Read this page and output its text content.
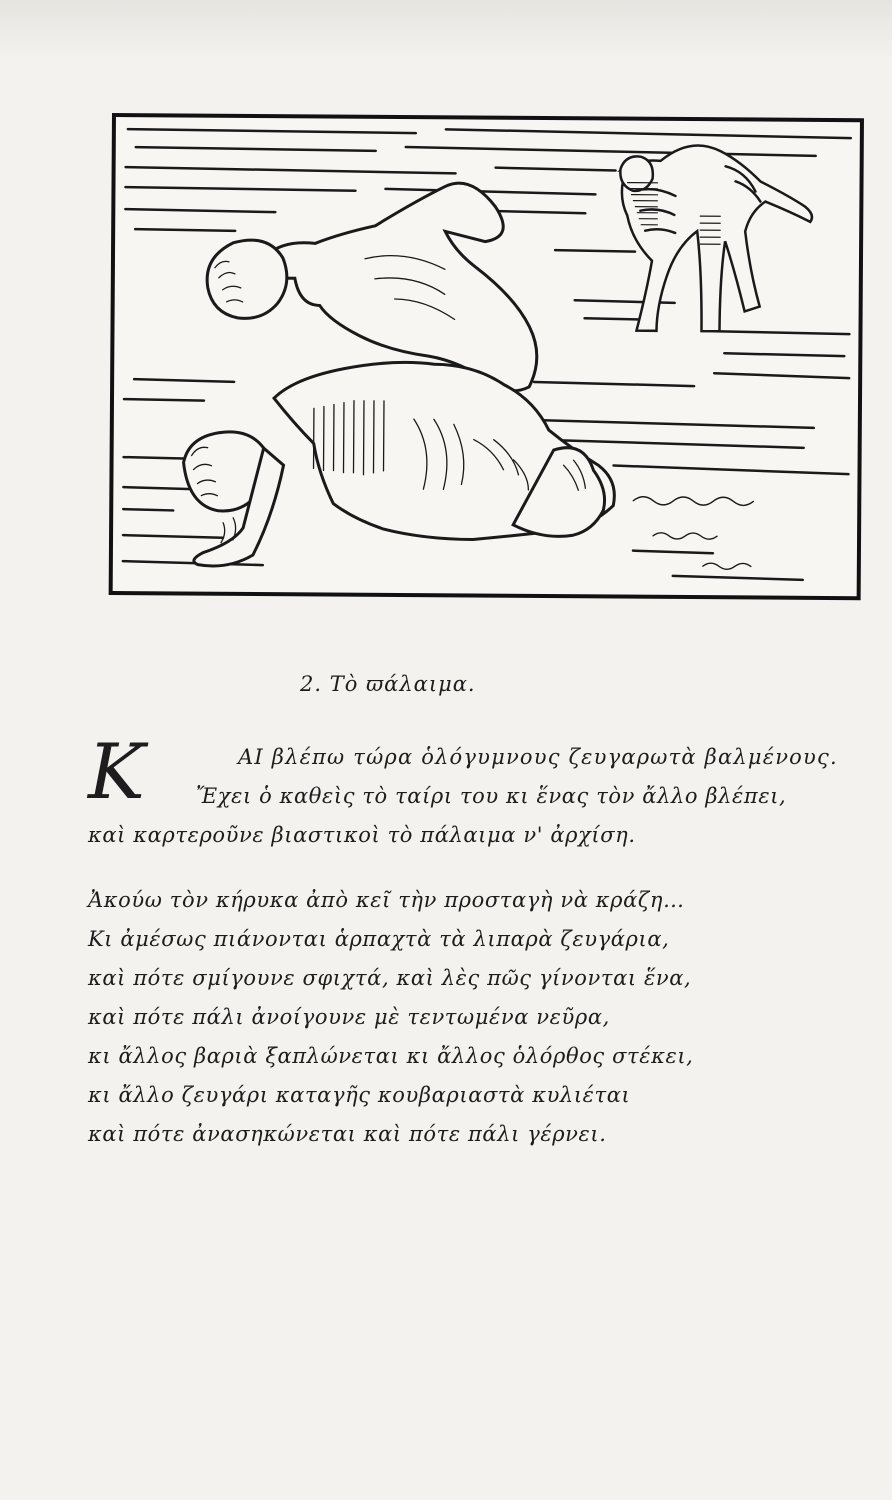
2. Τὸ ϖάλαιμα.
Κ	ΑΙ βλέπω τώρα ὁλόγυμνους ζευγαρωτὰ βαλμένους.
Ἔχει ὁ καθεὶς τὸ ταίρι του κι ἕνας τὸν ἄλλο βλέπει,
καὶ καρτεροῦνε βιαστικοὶ τὸ πάλαιμα ν' ἀρχίση.
Ἀκούω τὸν κήρυκα ἀπὸ κεῖ τὴν προσταγὴ νὰ κράζη…
Κι ἀμέσως πιάνονται ἁρπαχτὰ τὰ λιπαρὰ ζευγάρια,
καὶ πότε σμίγουνε σφιχτά, καὶ λὲς πῶς γίνονται ἕνα,
καὶ πότε πάλι ἀνοίγουνε μὲ τεντωμένα νεῦρα,
κι ἄλλος βαριὰ ξαπλώνεται κι ἄλλος ὁλόρθος στέκει,
κι ἄλλο ζευγάρι καταγῆς κουβαριαστὰ κυλιέται
καὶ πότε ἀνασηκώνεται καὶ πότε πάλι γέρνει.
